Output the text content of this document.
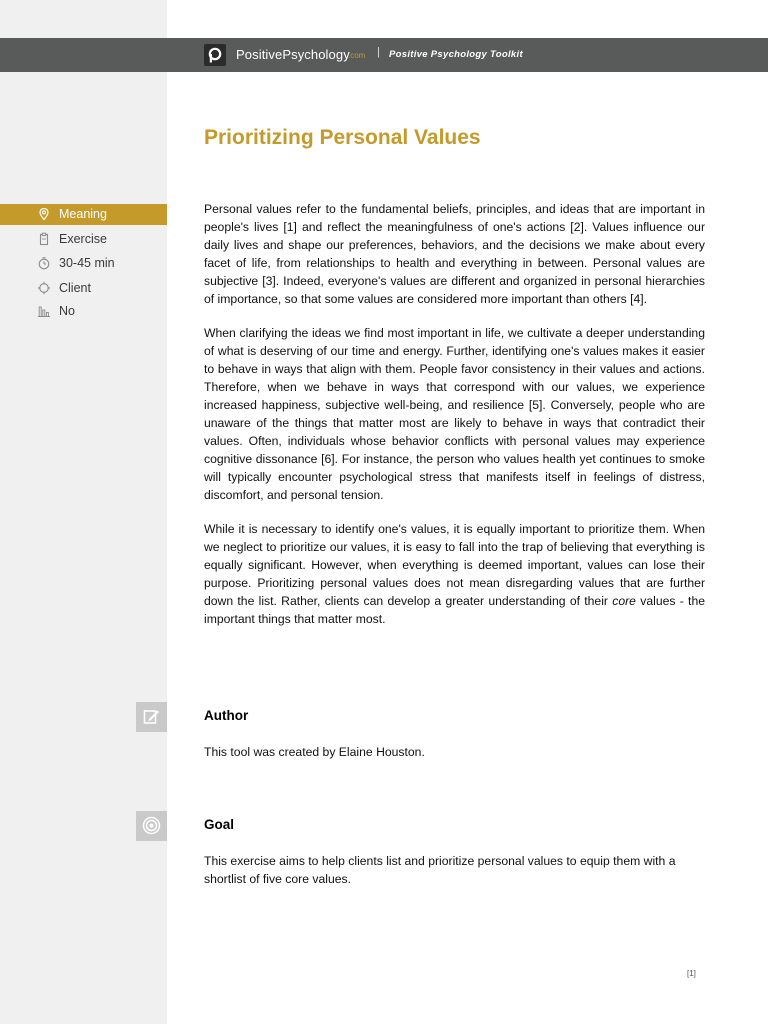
PositivePsychology
.com | Positive Psychology Toolkit
Meaning
Exercise
30-45 min
Client
No
Prioritizing Personal Values

Personal values refer to the fundamental beliefs, principles, and ideas that are important in people's lives [1] and reflect the meaningfulness of one's actions [2]. Values influence our daily lives and shape our preferences, behaviors, and the decisions we make about every facet of life, from relationships to health and everything in between. Personal values are subjective [3]. Indeed, everyone's values are different and organized in personal hierarchies of importance, so that some values are considered more important than others [4].

When clarifying the ideas we find most important in life, we cultivate a deeper understanding of what is deserving of our time and energy. Further, identifying one's values makes it easier to behave in ways that align with them. People favor consistency in their values and actions. Therefore, when we behave in ways that correspond with our values, we experience increased happiness, subjective well-being, and resilience [5]. Conversely, people who are unaware of the things that matter most are likely to behave in ways that contradict their values. Often, individuals whose behavior conflicts with personal values may experience cognitive dissonance [6]. For instance, the person who values health yet continues to smoke will typically encounter psychological stress that manifests itself in feelings of distress, discomfort, and personal tension.

While it is necessary to identify one's values, it is equally important to prioritize them. When we neglect to prioritize our values, it is easy to fall into the trap of believing that everything is equally significant. However, when everything is deemed important, values can lose their purpose. Prioritizing personal values does not mean disregarding values that are further down the list. Rather, clients can develop a greater understanding of their core values - the important things that matter most.

Author

This tool was created by Elaine Houston.

Goal

This exercise aims to help clients list and prioritize personal values to equip them with a shortlist of five core values.

[1]
